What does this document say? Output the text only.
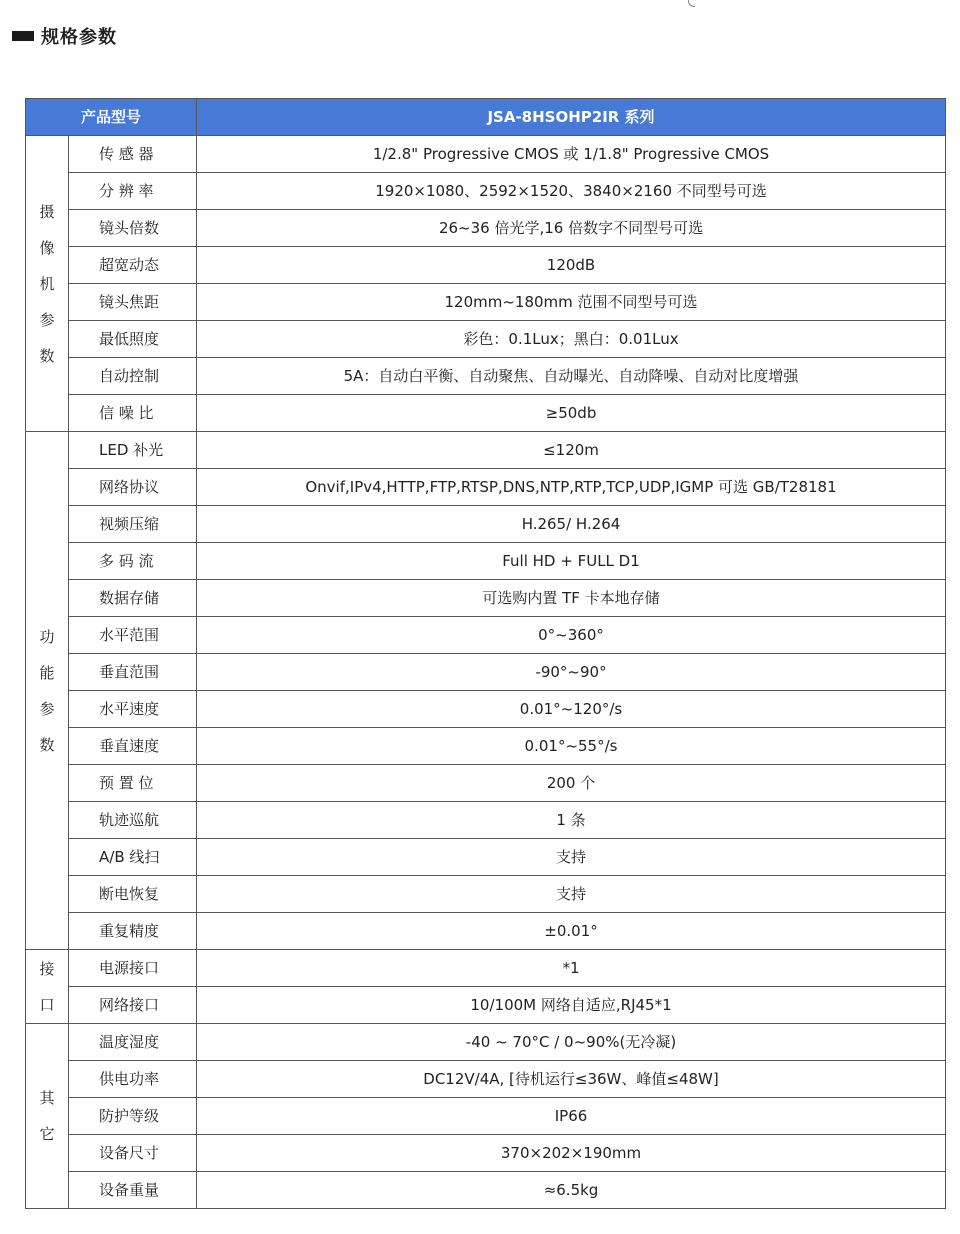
规格参数
产品型号		JSA-8HSOHP2IR 系列

摄
像
机
参
数	传 感 器	1/2.8" Progressive CMOS 或 1/1.8" Progressive CMOS
	分 辨 率	1920×1080、2592×1520、3840×2160 不同型号可选
	镜头倍数	26~36 倍光学,16 倍数字不同型号可选
	超宽动态	120dB
	镜头焦距	120mm~180mm 范围不同型号可选
	最低照度	彩色：0.1Lux；黑白：0.01Lux
	自动控制	5A：自动白平衡、自动聚焦、自动曝光、自动降噪、自动对比度增强
	信 噪 比	≥50db

功
能
参
数	LED 补光	≤120m
	网络协议	Onvif,IPv4,HTTP,FTP,RTSP,DNS,NTP,RTP,TCP,UDP,IGMP 可选 GB/T28181
	视频压缩	H.265/ H.264
	多 码 流	Full HD + FULL D1
	数据存储	可选购内置 TF 卡本地存储
	水平范围	0°~360°
	垂直范围	-90°~90°
	水平速度	0.01°~120°/s
	垂直速度	0.01°~55°/s
	预 置 位	200 个
	轨迹巡航	1 条
	A/B 线扫	支持
	断电恢复	支持
	重复精度	±0.01°

接
口	电源接口	*1
	网络接口	10/100M 网络自适应,RJ45*1

其
它	温度湿度	-40 ~ 70°C / 0~90%(无冷凝)
	供电功率	DC12V/4A, [待机运行≤36W、峰值≤48W]
	防护等级	IP66
	设备尺寸	370×202×190mm
	设备重量	≈6.5kg
